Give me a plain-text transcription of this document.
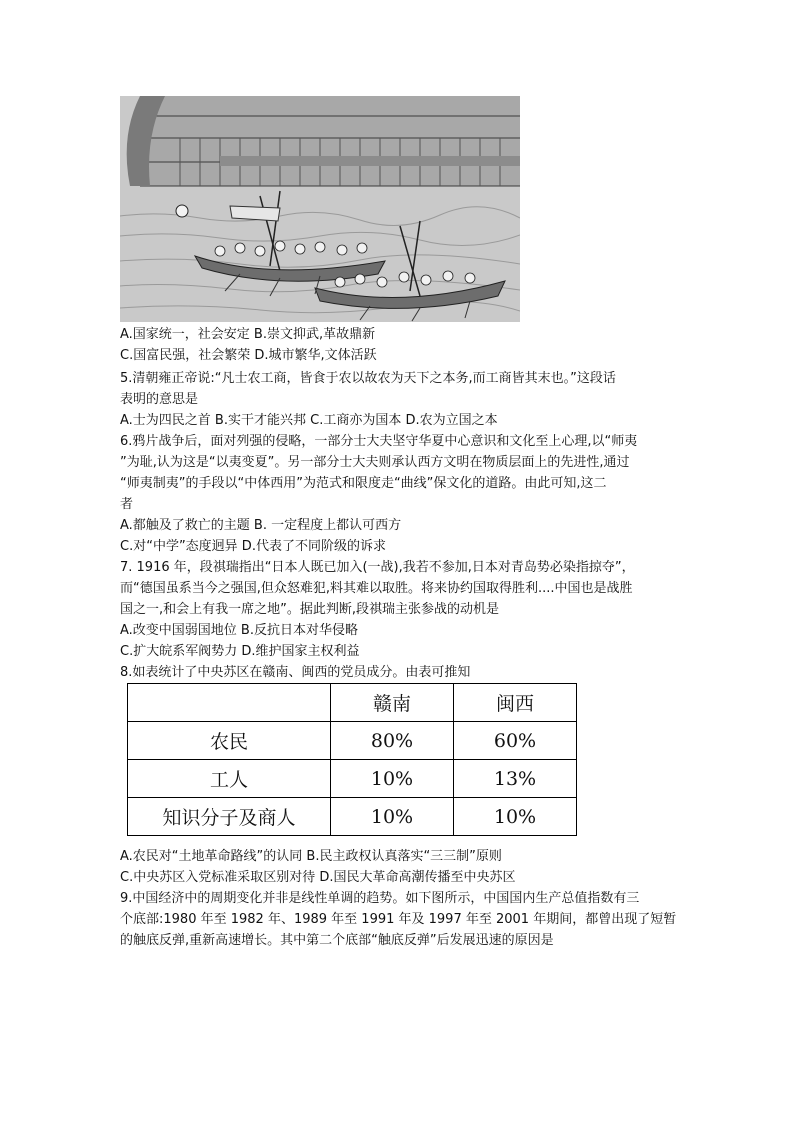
A.国家统一，社会安定 B.崇文抑武,革故鼎新
C.国富民强，社会繁荣 D.城市繁华,文体活跃
5.清朝雍正帝说:“凡士农工商，皆食于农以故农为天下之本务,而工商皆其末也。”这段话
表明的意思是
A.士为四民之首 B.实干才能兴邦 C.工商亦为国本 D.农为立国之本
6.鸦片战争后，面对列强的侵略，一部分士大夫坚守华夏中心意识和文化至上心理,以“师夷
”为耻,认为这是“以夷变夏”。另一部分士大夫则承认西方文明在物质层面上的先进性,通过
“师夷制夷”的手段以“中体西用”为范式和限度走“曲线”保文化的道路。由此可知,这二
者
A.都触及了救亡的主题 B. 一定程度上都认可西方
C.对“中学”态度迥异 D.代表了不同阶级的诉求
7. 1916 年，段祺瑞指出“日本人既已加入(一战),我若不参加,日本对青岛势必染指掠夺”，
而“德国虽系当今之强国,但众怒难犯,料其难以取胜。将来协约国取得胜利....中国也是战胜
国之一,和会上有我一席之地”。据此判断,段祺瑞主张参战的动机是
A.改变中国弱国地位 B.反抗日本对华侵略
C.扩大皖系军阀势力 D.维护国家主权利益
8.如表统计了中央苏区在赣南、闽西的党员成分。由表可推知
	赣南	闽西
农民	80%	60%
工人	10%	13%
知识分子及商人	10%	10%
A.农民对“土地革命路线”的认同 B.民主政权认真落实“三三制”原则
C.中央苏区入党标准采取区别对待 D.国民大革命高潮传播至中央苏区
9.中国经济中的周期变化并非是线性单调的趋势。如下图所示，中国国内生产总值指数有三
个底部:1980 年至 1982 年、1989 年至 1991 年及 1997 年至 2001 年期间，都曾出现了短暂
的触底反弹,重新高速增长。其中第二个底部“触底反弹”后发展迅速的原因是
